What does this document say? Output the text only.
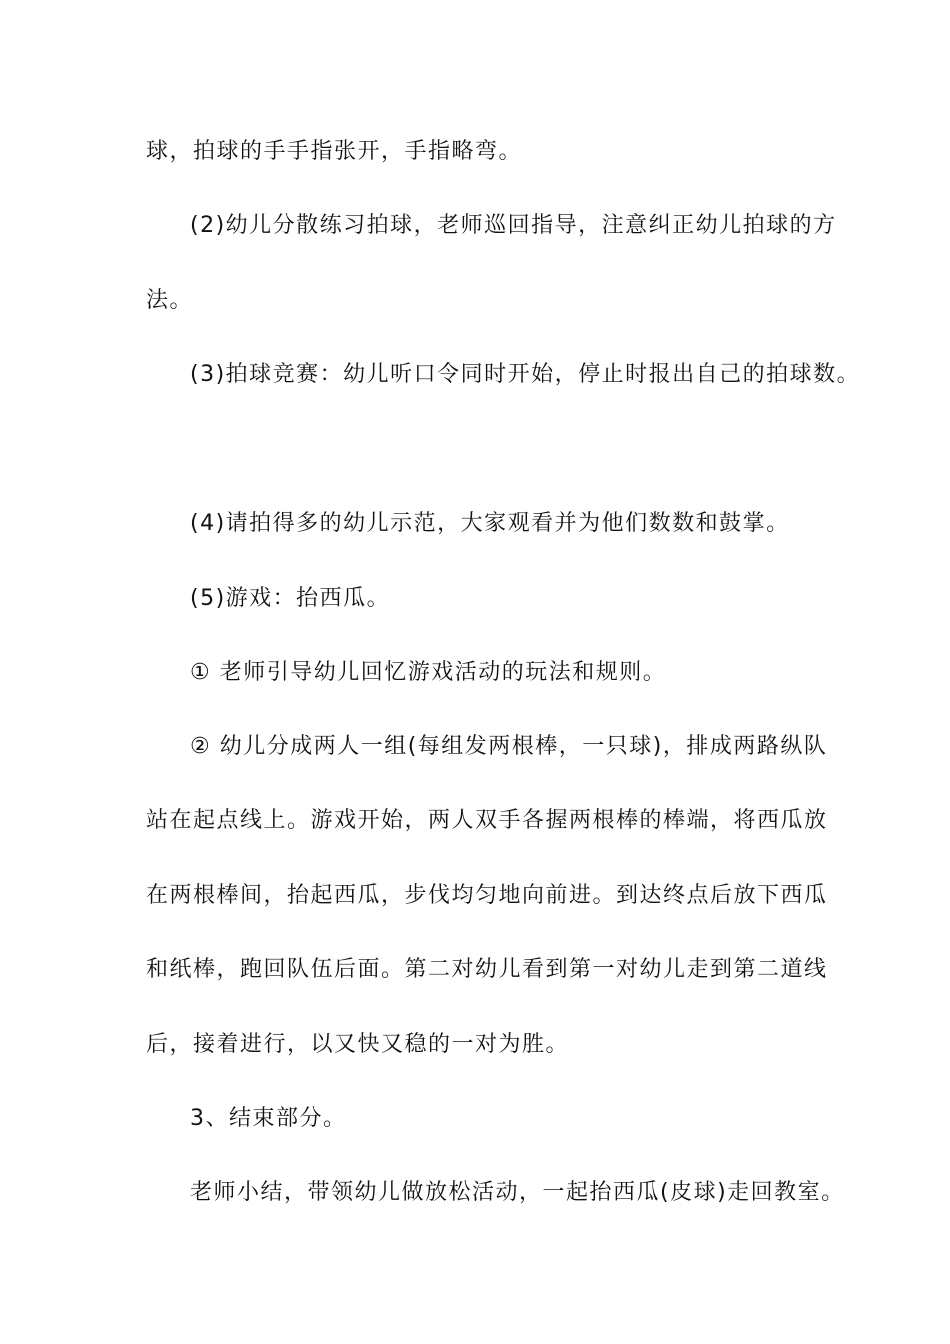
球，拍球的手手指张开，手指略弯。
(2)幼儿分散练习拍球，老师巡回指导，注意纠正幼儿拍球的方
法。
(3)拍球竞赛：幼儿听口令同时开始，停止时报出自己的拍球数。
(4)请拍得多的幼儿示范，大家观看并为他们数数和鼓掌。
(5)游戏：抬西瓜。
① 老师引导幼儿回忆游戏活动的玩法和规则。
② 幼儿分成两人一组(每组发两根棒，一只球)，排成两路纵队
站在起点线上。游戏开始，两人双手各握两根棒的棒端，将西瓜放
在两根棒间，抬起西瓜，步伐均匀地向前进。到达终点后放下西瓜
和纸棒，跑回队伍后面。第二对幼儿看到第一对幼儿走到第二道线
后，接着进行，以又快又稳的一对为胜。
3、结束部分。
老师小结，带领幼儿做放松活动，一起抬西瓜(皮球)走回教室。
